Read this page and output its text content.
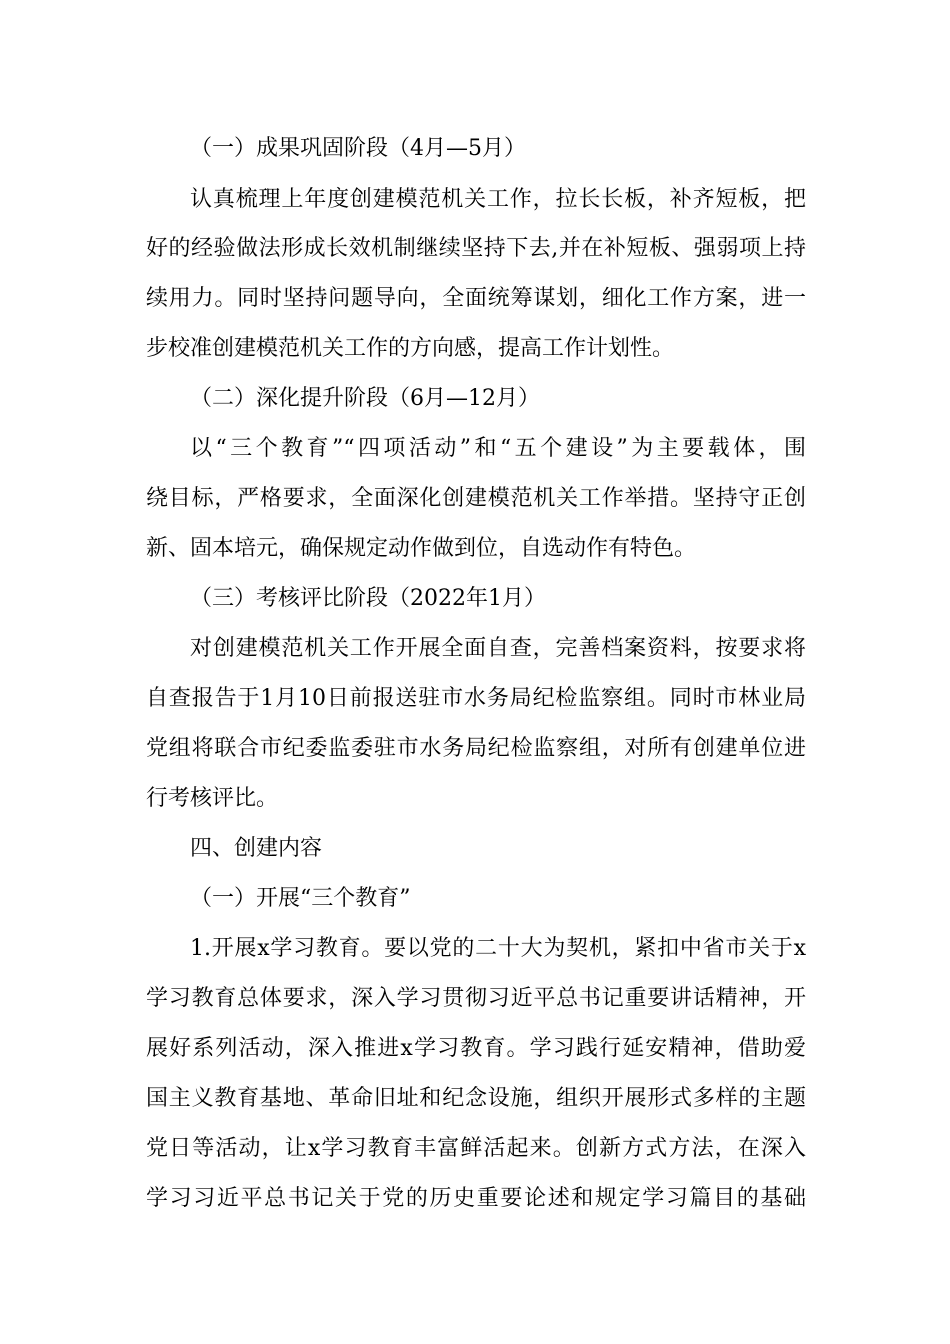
（一）成果巩固阶段（4月—5月）
认真梳理上年度创建模范机关工作，拉长长板，补齐短板，把
好的经验做法形成长效机制继续坚持下去,并在补短板、强弱项上持
续用力。同时坚持问题导向，全面统筹谋划，细化工作方案，进一
步校准创建模范机关工作的方向感，提高工作计划性。
（二）深化提升阶段（6月—12月）
以“三个教育”“四项活动”和“五个建设”为主要载体，围
绕目标，严格要求，全面深化创建模范机关工作举措。坚持守正创
新、固本培元，确保规定动作做到位，自选动作有特色。
（三）考核评比阶段（2022年1月）
对创建模范机关工作开展全面自查，完善档案资料，按要求将
自查报告于1月10日前报送驻市水务局纪检监察组。同时市林业局
党组将联合市纪委监委驻市水务局纪检监察组，对所有创建单位进
行考核评比。
四、创建内容
（一）开展“三个教育”
1.开展x学习教育。要以党的二十大为契机，紧扣中省市关于x
学习教育总体要求，深入学习贯彻习近平总书记重要讲话精神，开
展好系列活动，深入推进x学习教育。学习践行延安精神，借助爱
国主义教育基地、革命旧址和纪念设施，组织开展形式多样的主题
党日等活动，让x学习教育丰富鲜活起来。创新方式方法，在深入
学习习近平总书记关于党的历史重要论述和规定学习篇目的基础
